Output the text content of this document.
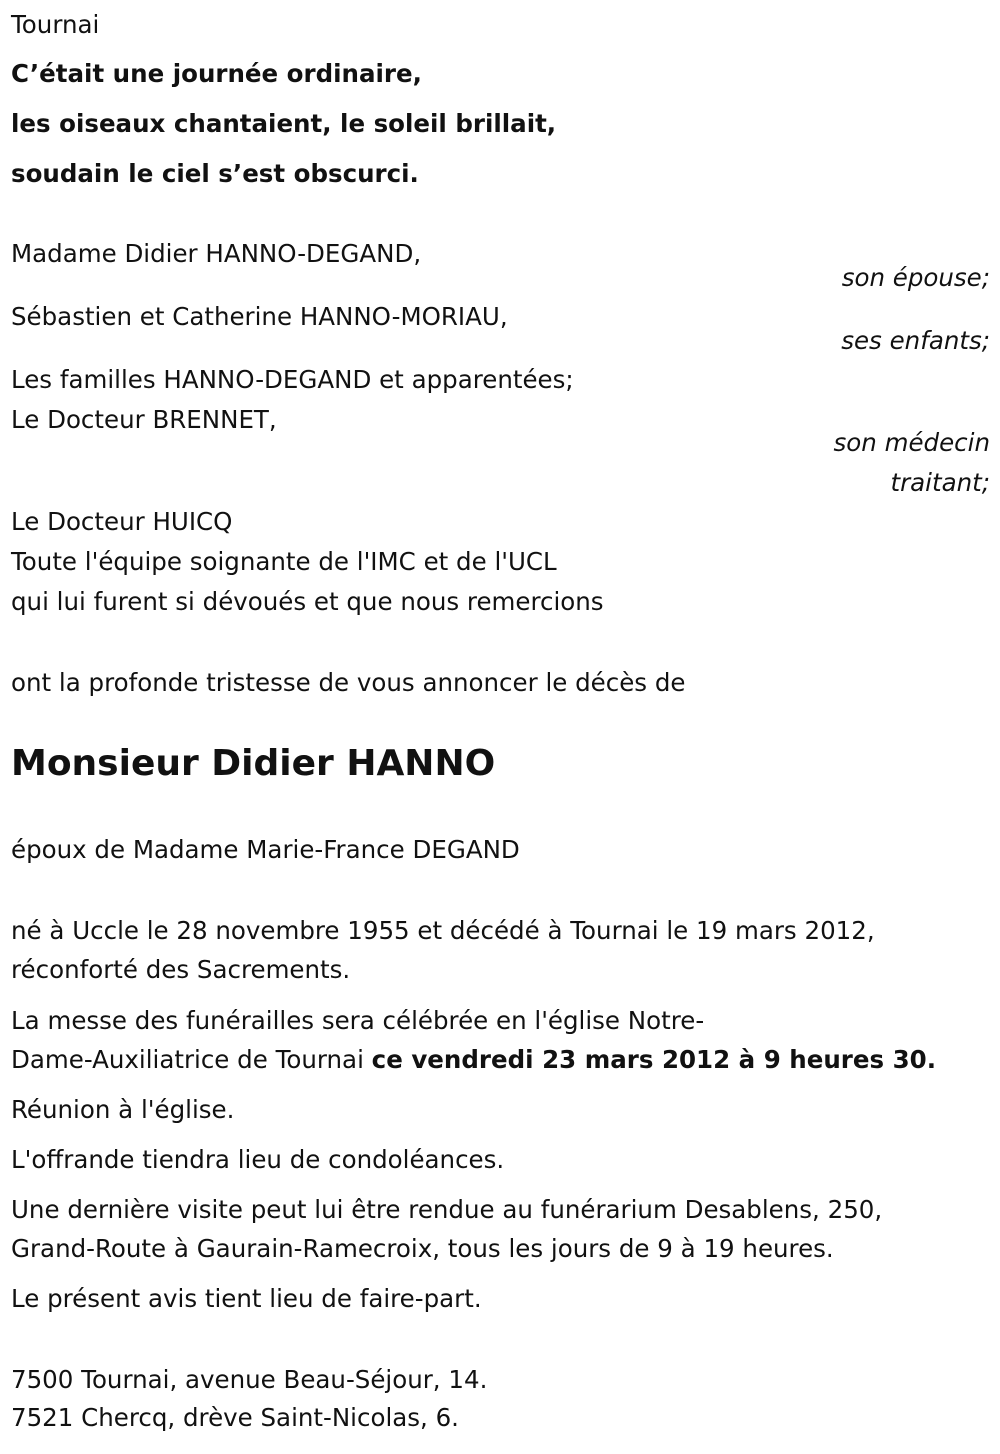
Tournai
C’était une journée ordinaire,
les oiseaux chantaient, le soleil brillait,
soudain le ciel s’est obscurci.
Madame Didier HANNO-DEGAND,
son épouse;
Sébastien et Catherine HANNO-MORIAU,
ses enfants;
Les familles HANNO-DEGAND et apparentées;
Le Docteur BRENNET,
son médecin
traitant;
Le Docteur HUICQ
Toute l'équipe soignante de l'IMC et de l'UCL
qui lui furent si dévoués et que nous remercions
ont la profonde tristesse de vous annoncer le décès de
Monsieur Didier HANNO
époux de Madame Marie-France DEGAND
né à Uccle le 28 novembre 1955 et décédé à Tournai le 19 mars 2012,
réconforté des Sacrements.
La messe des funérailles sera célébrée en l'église Notre-
Dame-Auxiliatrice de Tournai ce vendredi 23 mars 2012 à 9 heures 30.
Réunion à l'église.
L'offrande tiendra lieu de condoléances.
Une dernière visite peut lui être rendue au funérarium Desablens, 250,
Grand-Route à Gaurain-Ramecroix, tous les jours de 9 à 19 heures.
Le présent avis tient lieu de faire-part.
7500 Tournai, avenue Beau-Séjour, 14.
7521 Chercq, drève Saint-Nicolas, 6.
